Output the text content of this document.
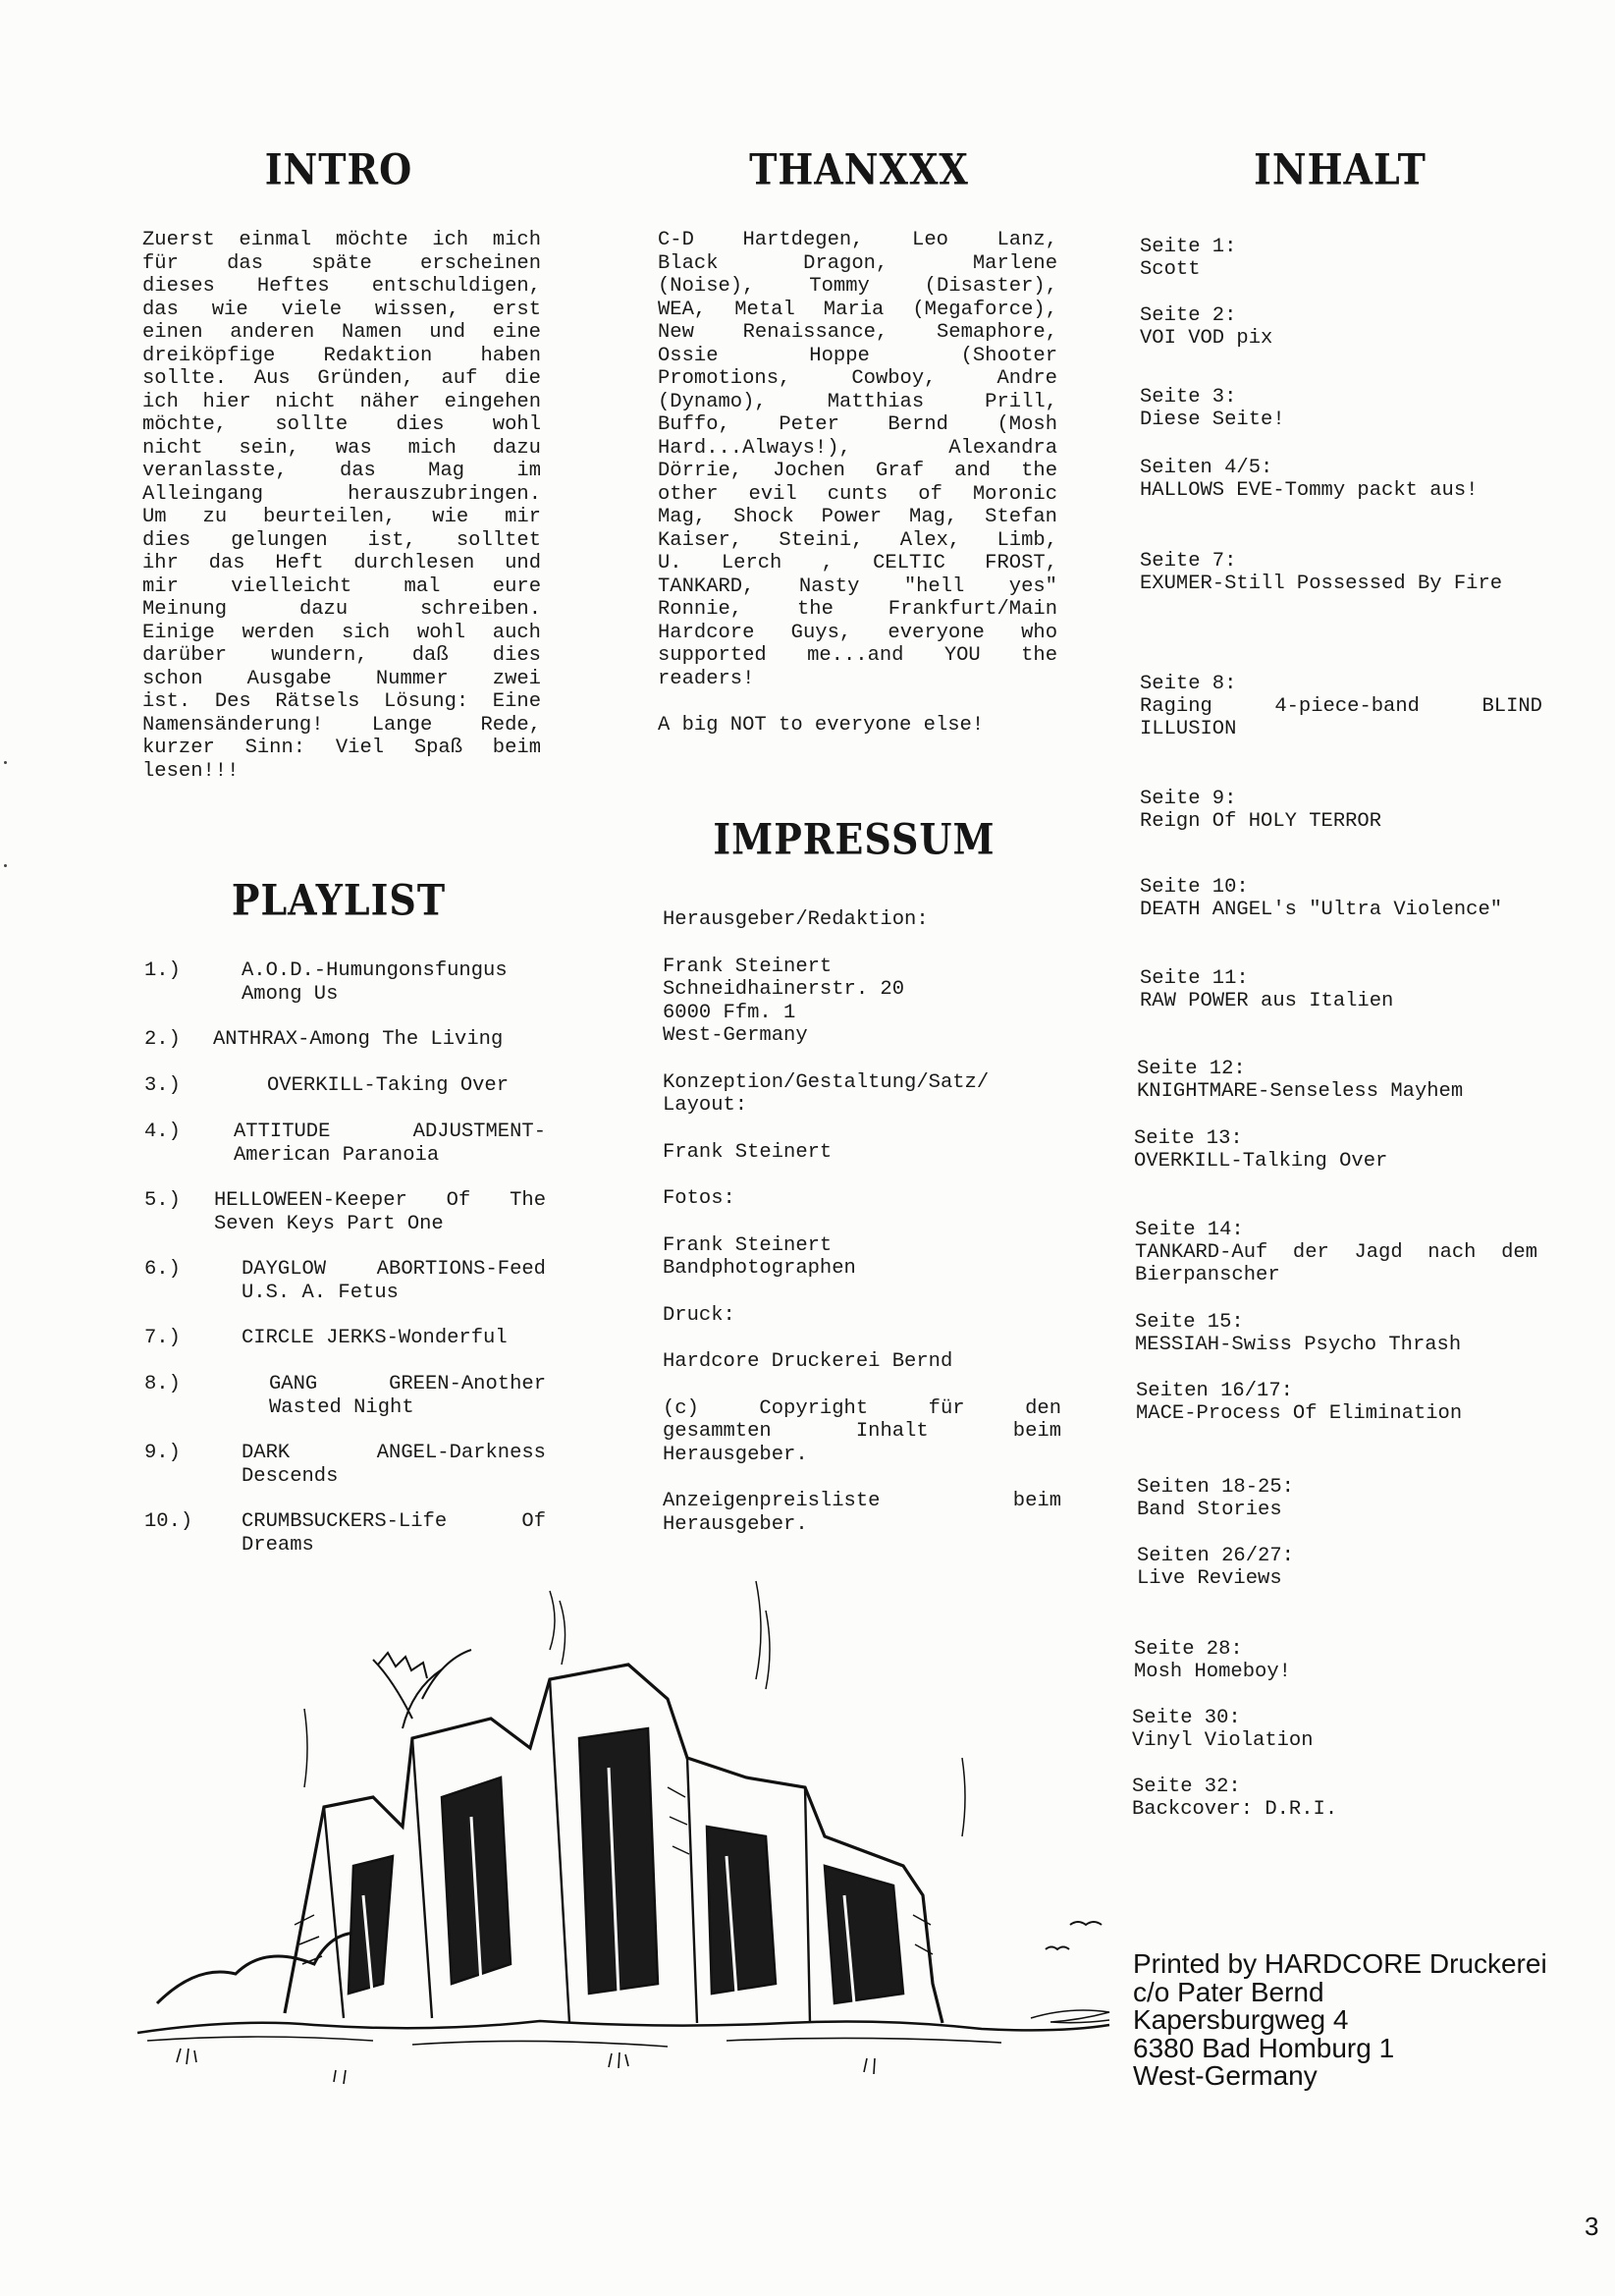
INTRO	THANXXX	INHALT
IMPRESSUM
PLAYLIST
Zuerst einmal möchte ich mich
für das späte erscheinen
dieses Heftes entschuldigen,
das wie viele wissen, erst
einen anderen Namen und eine
dreiköpfige Redaktion haben
sollte. Aus Gründen, auf die
ich hier nicht näher eingehen
möchte, sollte dies wohl
nicht sein, was mich dazu
veranlasste, das Mag im
Alleingang herauszubringen.
Um zu beurteilen, wie mir
dies gelungen ist, solltet
ihr das Heft durchlesen und
mir vielleicht mal eure
Meinung dazu schreiben.
Einige werden sich wohl auch
darüber wundern, daß dies
schon Ausgabe Nummer zwei
ist. Des Rätsels Lösung: Eine
Namensänderung! Lange Rede,
kurzer Sinn: Viel Spaß beim
lesen!!!
C-D Hartdegen, Leo Lanz,
Black Dragon, Marlene
(Noise), Tommy (Disaster),
WEA, Metal Maria (Megaforce),
New Renaissance, Semaphore,
Ossie Hoppe (Shooter
Promotions, Cowboy, Andre
(Dynamo), Matthias Prill,
Buffo, Peter Bernd (Mosh
Hard...Always!), Alexandra
Dörrie, Jochen Graf and the
other evil cunts of Moronic
Mag, Shock Power Mag, Stefan
Kaiser, Steini, Alex, Limb,
U. Lerch , CELTIC FROST,
TANKARD, Nasty "hell yes"
Ronnie, the Frankfurt/Main
Hardcore Guys, everyone who
supported me...and YOU the
readers!
A big NOT to everyone else!
Herausgeber/Redaktion:
Frank Steinert
Schneidhainerstr. 20
6000 Ffm. 1
West-Germany
Konzeption/Gestaltung/Satz/
Layout:
Frank Steinert
Fotos:
Frank Steinert
Bandphotographen
Druck:
Hardcore Druckerei Bernd
(c) Copyright für den
gesammten Inhalt beim
Herausgeber.
Anzeigenpreisliste beim
Herausgeber.
1.)	A.O.D.-Humungonsfungus
Among Us
2.) ANTHRAX-Among The Living
3.)	OVERKILL-Taking Over
4.)	ATTITUDE ADJUSTMENT-
American Paranoia
5.) HELLOWEEN-Keeper Of The
Seven Keys Part One
6.)	DAYGLOW ABORTIONS-Feed
U.S. A. Fetus
7.)	CIRCLE JERKS-Wonderful
8.)	GANG GREEN-Another
Wasted Night
9.)	DARK ANGEL-Darkness
Descends
10.) CRUMBSUCKERS-Life Of
Dreams
Seite 1:
Scott
Seite 2:
VOI VOD pix
Seite 3:
Diese Seite!
Seiten 4/5:
HALLOWS EVE-Tommy packt aus!
Seite 7:
EXUMER-Still Possessed By Fire
Seite 8:
Raging 4-piece-band BLIND ILLUSION
Seite 9:
Reign Of HOLY TERROR
Seite 10:
DEATH ANGEL's "Ultra Violence"
Seite 11:
RAW POWER aus Italien
Seite 12:
KNIGHTMARE-Senseless Mayhem
Seite 13:
OVERKILL-Talking Over
Seite 14:
TANKARD-Auf der Jagd nach dem Bierpanscher
Seite 15:
MESSIAH-Swiss Psycho Thrash
Seiten 16/17:
MACE-Process Of Elimination
Seiten 18-25:
Band Stories
Seiten 26/27:
Live Reviews
Seite 28:
Mosh Homeboy!
Seite 30:
Vinyl Violation
Seite 32:
Backcover: D.R.I.
Printed by HARDCORE Druckerei
c/o Pater Bernd
Kapersburgweg 4
6380 Bad Homburg 1
West-Germany
3
